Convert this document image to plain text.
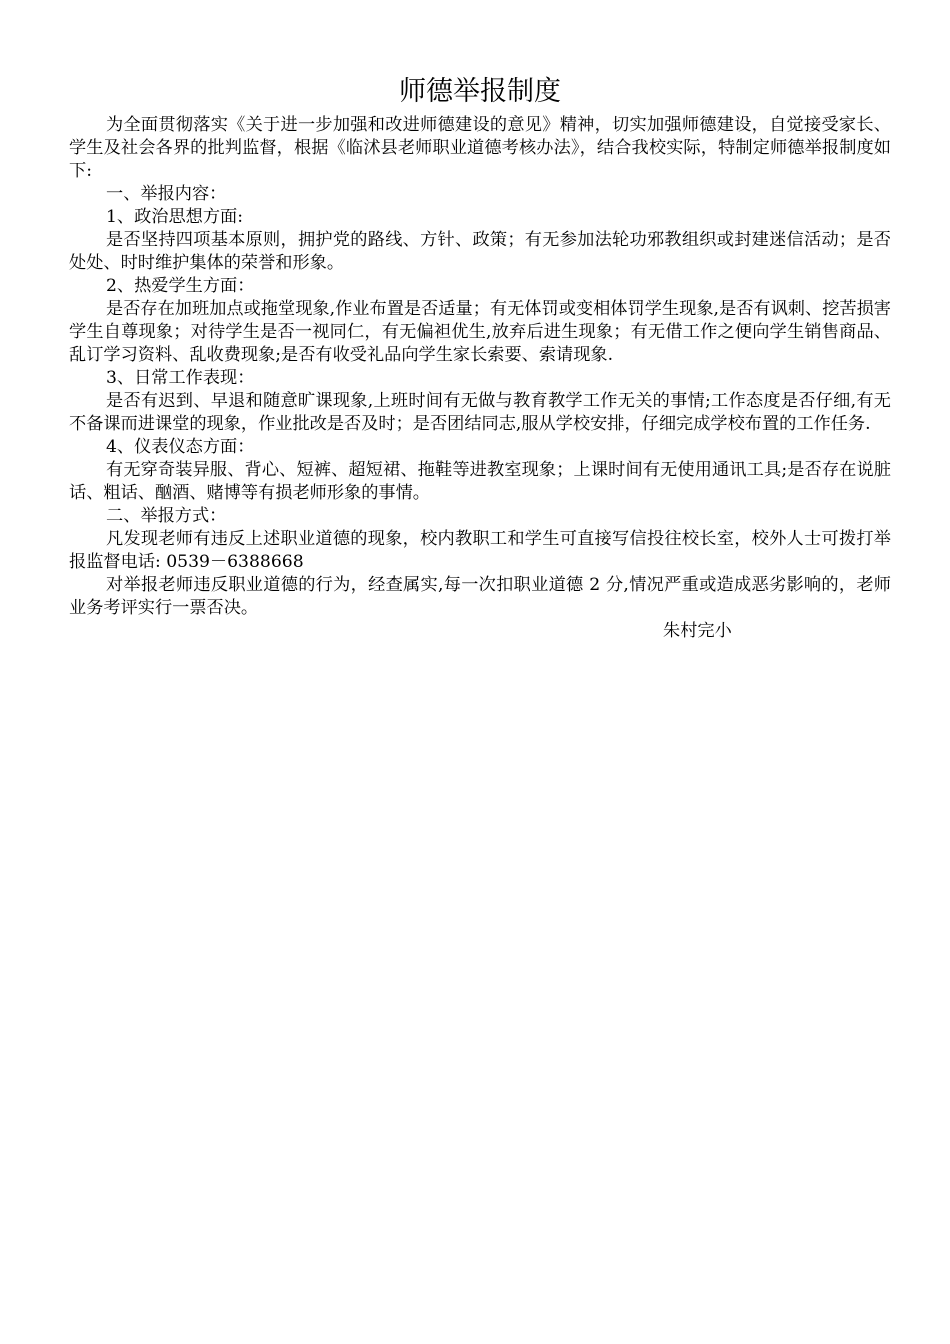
师德举报制度

为全面贯彻落实《关于进一步加强和改进师德建设的意见》精神，切实加强师德建设，自觉接受家长、学生及社会各界的批判监督，根据《临沭县老师职业道德考核办法》，结合我校实际，特制定师德举报制度如下:

一、举报内容：

1、政治思想方面:

是否坚持四项基本原则，拥护党的路线、方针、政策；有无参加法轮功邪教组织或封建迷信活动；是否处处、时时维护集体的荣誉和形象。

2、热爱学生方面：

是否存在加班加点或拖堂现象,作业布置是否适量；有无体罚或变相体罚学生现象,是否有讽刺、挖苦损害学生自尊现象；对待学生是否一视同仁，有无偏袒优生,放弃后进生现象；有无借工作之便向学生销售商品、乱订学习资料、乱收费现象;是否有收受礼品向学生家长索要、索请现象.

3、日常工作表现：

是否有迟到、早退和随意旷课现象,上班时间有无做与教育教学工作无关的事情;工作态度是否仔细,有无不备课而进课堂的现象，作业批改是否及时；是否团结同志,服从学校安排，仔细完成学校布置的工作任务.

4、仪表仪态方面：

有无穿奇装异服、背心、短裤、超短裙、拖鞋等进教室现象；上课时间有无使用通讯工具;是否存在说脏话、粗话、酗酒、赌博等有损老师形象的事情。

二、举报方式：

凡发现老师有违反上述职业道德的现象，校内教职工和学生可直接写信投往校长室，校外人士可拨打举报监督电话: 0539－6388668

对举报老师违反职业道德的行为，经查属实,每一次扣职业道德 2 分,情况严重或造成恶劣影响的，老师业务考评实行一票否决。

朱村完小
